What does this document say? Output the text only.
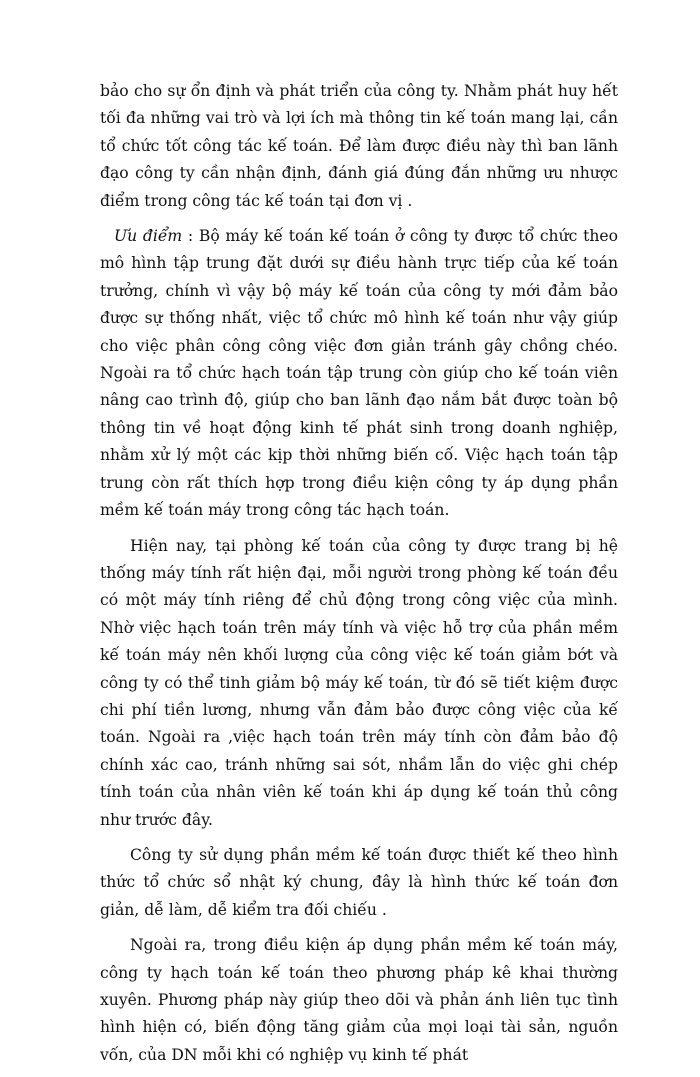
bảo cho sự ổn định và phát triển của công ty. Nhằm phát huy hết tối đa những vai trò và lợi ích mà thông tin kế toán mang lại, cần tổ chức tốt công tác kế toán. Để làm được điều này thì ban lãnh đạo công ty cần nhận định, đánh giá đúng đắn những ưu nhược điểm trong công tác kế toán tại đơn vị .

Ưu điểm : Bộ máy kế toán kế toán ở công ty được tổ chức theo mô hình tập trung đặt dưới sự điều hành trực tiếp của kế toán trưởng, chính vì vậy bộ máy kế toán của công ty mới đảm bảo được sự thống nhất, việc tổ chức mô hình kế toán như vậy giúp cho việc phân công công việc đơn giản tránh gây chồng chéo. Ngoài ra tổ chức hạch toán tập trung còn giúp cho kế toán viên nâng cao trình độ, giúp cho ban lãnh đạo nắm bắt được toàn bộ thông tin về hoạt động kinh tế phát sinh trong doanh nghiệp, nhằm xử lý một các kịp thời những biến cố. Việc hạch toán tập trung còn rất thích hợp trong điều kiện công ty áp dụng phần mềm kế toán máy trong công tác hạch toán.

Hiện nay, tại phòng kế toán của công ty được trang bị hệ thống máy tính rất hiện đại, mỗi người trong phòng kế toán đều có một máy tính riêng để chủ động trong công việc của mình. Nhờ việc hạch toán trên máy tính và việc hỗ trợ của phần mềm kế toán máy nên khối lượng của công việc kế toán giảm bớt và công ty có thể tinh giảm bộ máy kế toán, từ đó sẽ tiết kiệm được chi phí tiền lương, nhưng vẫn đảm bảo được công việc của kế toán. Ngoài ra ,việc hạch toán trên máy tính còn đảm bảo độ chính xác cao, tránh những sai sót, nhầm lẫn do việc ghi chép tính toán của nhân viên kế toán khi áp dụng kế toán thủ công như trước đây.

Công ty sử dụng phần mềm kế toán được thiết kế theo hình thức tổ chức sổ nhật ký chung, đây là hình thức kế toán đơn giản, dễ làm, dễ kiểm tra đối chiếu .

Ngoài ra, trong điều kiện áp dụng phần mềm kế toán máy, công ty hạch toán kế toán theo phương pháp kê khai thường xuyên. Phương pháp này giúp theo dõi và phản ánh liên tục tình hình hiện có, biến động tăng giảm của mọi loại tài sản, nguồn vốn, của DN mỗi khi có nghiệp vụ kinh tế phát
